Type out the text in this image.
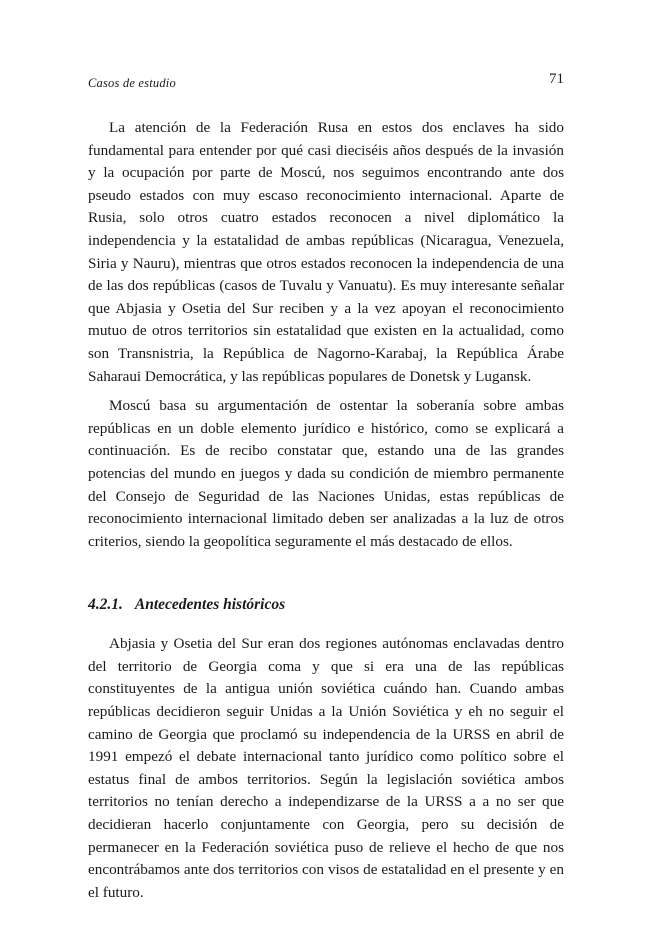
Casos de estudio	71

La atención de la Federación Rusa en estos dos enclaves ha sido fundamental para entender por qué casi dieciséis años después de la invasión y la ocupación por parte de Moscú, nos seguimos encontrando ante dos pseudo estados con muy escaso reconocimiento internacional. Aparte de Rusia, solo otros cuatro estados reconocen a nivel diplomático la independencia y la estatalidad de ambas repúblicas (Nicaragua, Venezuela, Siria y Nauru), mientras que otros estados reconocen la independencia de una de las dos repúblicas (casos de Tuvalu y Vanuatu). Es muy interesante señalar que Abjasia y Osetia del Sur reciben y a la vez apoyan el reconocimiento mutuo de otros territorios sin estatalidad que existen en la actualidad, como son Transnistria, la República de Nagorno-Karabaj, la República Árabe Saharaui Democrática, y las repúblicas populares de Donetsk y Lugansk.

Moscú basa su argumentación de ostentar la soberanía sobre ambas repúblicas en un doble elemento jurídico e histórico, como se explicará a continuación. Es de recibo constatar que, estando una de las grandes potencias del mundo en juegos y dada su condición de miembro permanente del Consejo de Seguridad de las Naciones Unidas, estas repúblicas de reconocimiento internacional limitado deben ser analizadas a la luz de otros criterios, siendo la geopolítica seguramente el más destacado de ellos.

4.2.1. Antecedentes históricos

Abjasia y Osetia del Sur eran dos regiones autónomas enclavadas dentro del territorio de Georgia coma y que si era una de las repúblicas constituyentes de la antigua unión soviética cuándo han. Cuando ambas repúblicas decidieron seguir Unidas a la Unión Soviética y eh no seguir el camino de Georgia que proclamó su independencia de la URSS en abril de 1991 empezó el debate internacional tanto jurídico como político sobre el estatus final de ambos territorios. Según la legislación soviética ambos territorios no tenían derecho a independizarse de la URSS a a no ser que decidieran hacerlo conjuntamente con Georgia, pero su decisión de permanecer en la Federación soviética puso de relieve el hecho de que nos encontrábamos ante dos territorios con visos de estatalidad en el presente y en el futuro.
